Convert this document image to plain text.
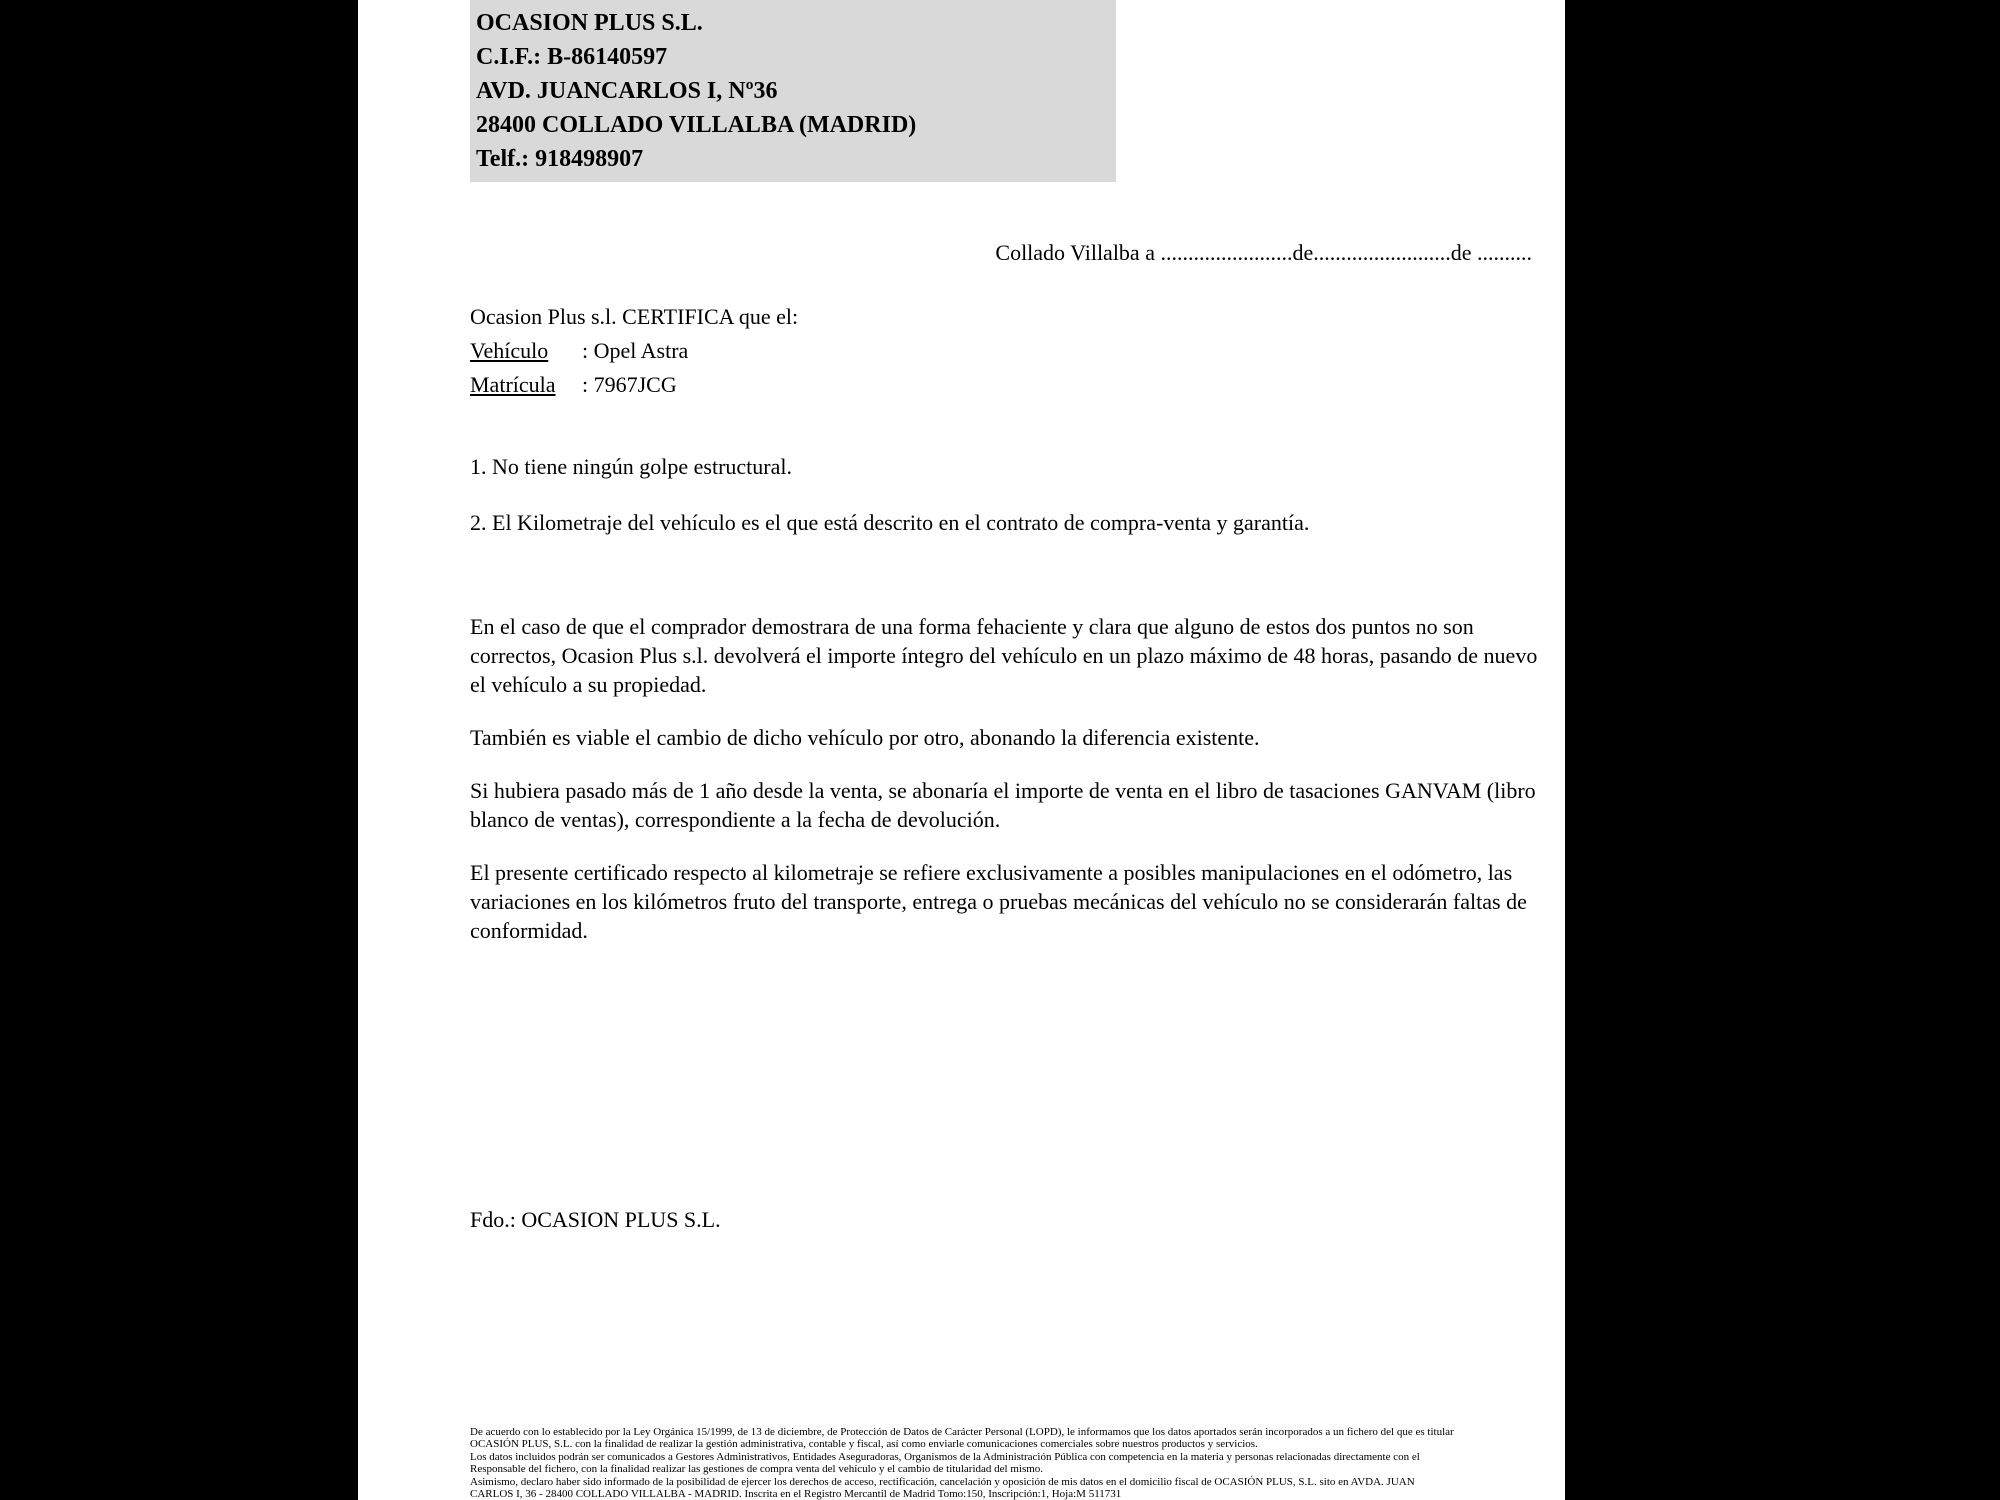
OCASION PLUS S.L.
C.I.F.: B-86140597
AVD. JUANCARLOS I, Nº36
28400 COLLADO VILLALBA (MADRID)
Telf.: 918498907
Collado Villalba a ........................de.........................de ..........
Ocasion Plus s.l. CERTIFICA que el:
Vehículo : Opel Astra
Matrícula : 7967JCG
1. No tiene ningún golpe estructural.
2. El Kilometraje del vehículo es el que está descrito en el contrato de compra-venta y garantía.

En el caso de que el comprador demostrara de una forma fehaciente y clara que alguno de estos dos puntos no son correctos, Ocasion Plus s.l. devolverá el importe íntegro del vehículo en un plazo máximo de 48 horas, pasando de nuevo el vehículo a su propiedad.

También es viable el cambio de dicho vehículo por otro, abonando la diferencia existente.

Si hubiera pasado más de 1 año desde la venta, se abonaría el importe de venta en el libro de tasaciones GANVAM (libro blanco de ventas), correspondiente a la fecha de devolución.

El presente certificado respecto al kilometraje se refiere exclusivamente a posibles manipulaciones en el odómetro, las variaciones en los kilómetros fruto del transporte, entrega o pruebas mecánicas del vehículo no se considerarán faltas de conformidad.

Fdo.: OCASION PLUS S.L.
De acuerdo con lo establecido por la Ley Orgánica 15/1999, de 13 de diciembre, de Protección de Datos de Carácter Personal (LOPD), le informamos que los datos aportados serán incorporados a un fichero del que es titular
OCASIÓN PLUS, S.L. con la finalidad de realizar la gestión administrativa, contable y fiscal, así como enviarle comunicaciones comerciales sobre nuestros productos y servicios.
Los datos incluidos podrán ser comunicados a Gestores Administrativos, Entidades Aseguradoras, Organismos de la Administración Pública con competencia en la materia y personas relacionadas directamente con el
Responsable del fichero, con la finalidad realizar las gestiones de compra venta del vehículo y el cambio de titularidad del mismo.
Asimismo, declaro haber sido informado de la posibilidad de ejercer los derechos de acceso, rectificación, cancelación y oposición de mis datos en el domicilio fiscal de OCASIÓN PLUS, S.L. sito en AVDA. JUAN
CARLOS I, 36 - 28400 COLLADO VILLALBA - MADRID. Inscrita en el Registro Mercantil de Madrid Tomo:150, Inscripción:1, Hoja:M 511731
